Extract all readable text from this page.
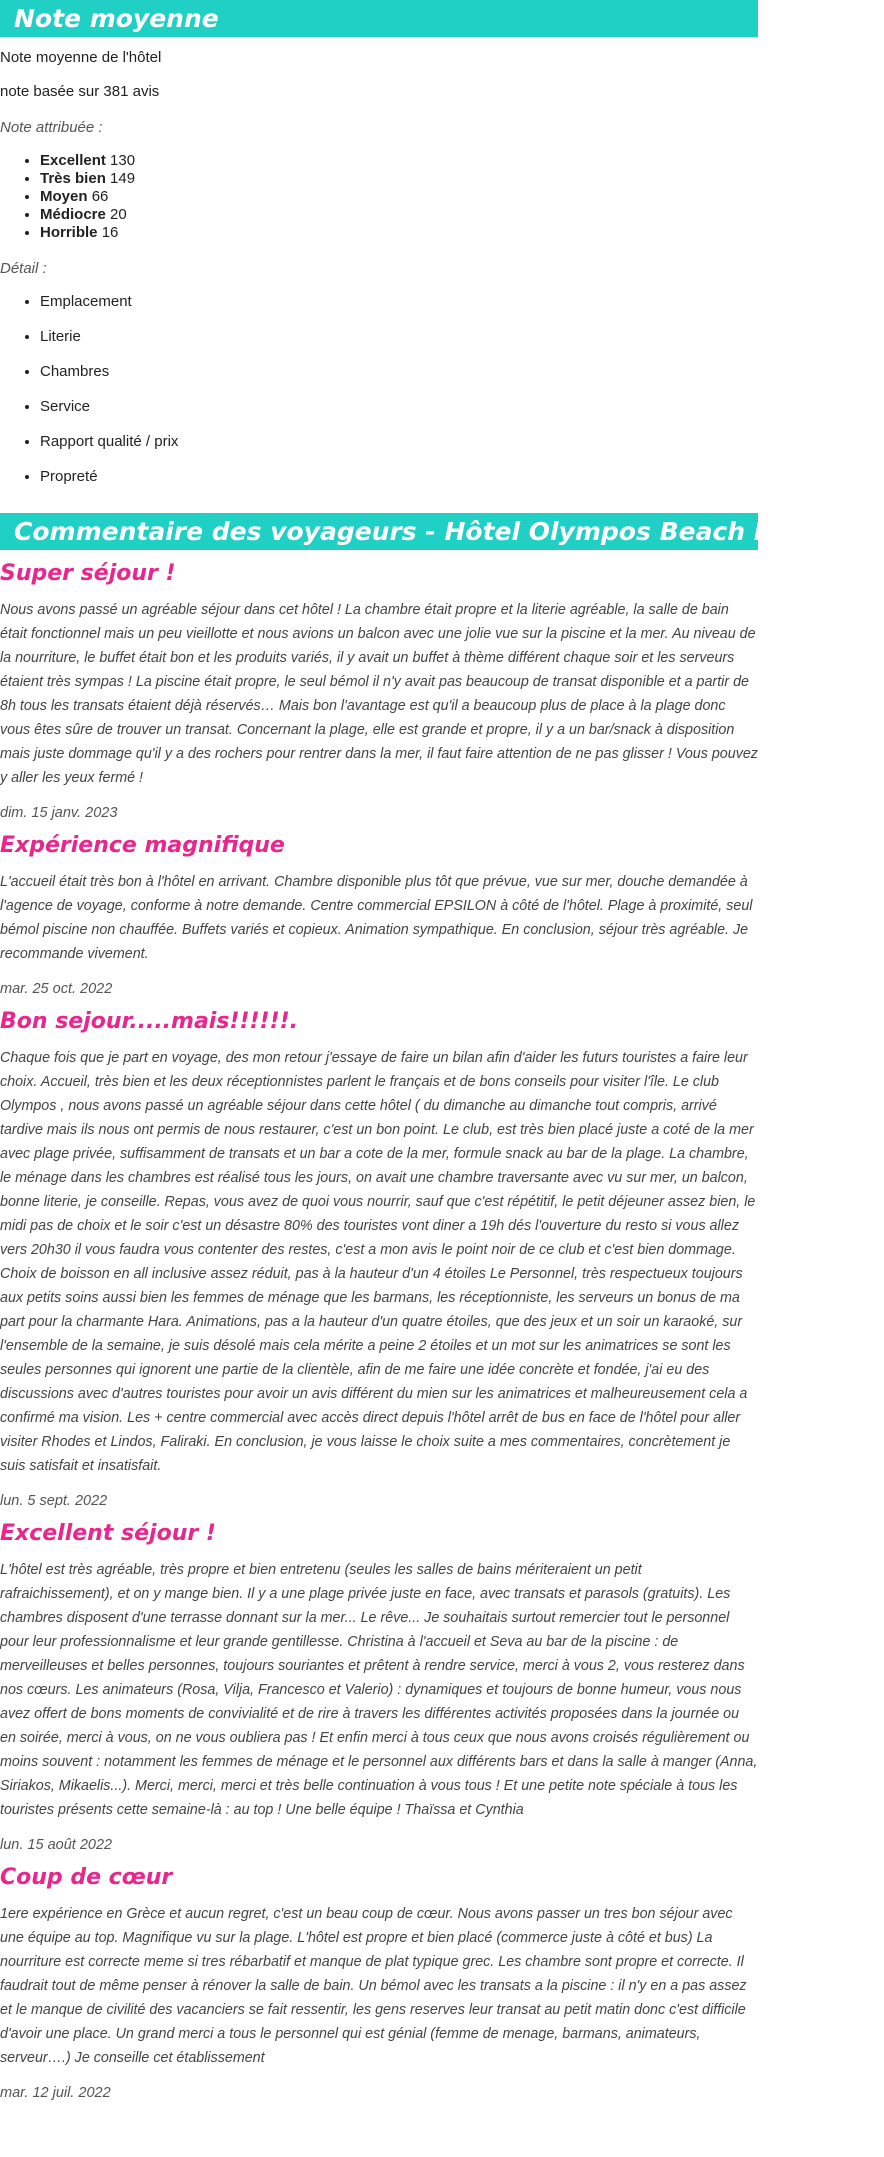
Note moyenne

Note moyenne de l'hôtel

note basée sur 381 avis

Note attribuée :

• Excellent 130
• Très bien 149
• Moyen 66
• Médiocre 20
• Horrible 16

Détail :

• Emplacement
• Literie
• Chambres
• Service
• Rapport qualité / prix
• Propreté
Commentaire des voyageurs - Hôtel Olympos Beach Resort 4*

Super séjour !

Nous avons passé un agréable séjour dans cet hôtel ! La chambre était propre et la literie agréable, la salle de bain était fonctionnel mais un peu vieillotte et nous avions un balcon avec une jolie vue sur la piscine et la mer. Au niveau de la nourriture, le buffet était bon et les produits variés, il y avait un buffet à thème différent chaque soir et les serveurs étaient très sympas ! La piscine était propre, le seul bémol il n'y avait pas beaucoup de transat disponible et a partir de 8h tous les transats étaient déjà réservés… Mais bon l'avantage est qu'il a beaucoup plus de place à la plage donc vous êtes sûre de trouver un transat. Concernant la plage, elle est grande et propre, il y a un bar/snack à disposition mais juste dommage qu'il y a des rochers pour rentrer dans la mer, il faut faire attention de ne pas glisser ! Vous pouvez y aller les yeux fermé !

dim. 15 janv. 2023

Expérience magnifique

L'accueil était très bon à l'hôtel en arrivant. Chambre disponible plus tôt que prévue, vue sur mer, douche demandée à l'agence de voyage, conforme à notre demande. Centre commercial EPSILON à côté de l'hôtel. Plage à proximité, seul bémol piscine non chauffée. Buffets variés et copieux. Animation sympathique. En conclusion, séjour très agréable. Je recommande vivement.

mar. 25 oct. 2022

Bon sejour.....mais!!!!!!.

Chaque fois que je part en voyage, des mon retour j'essaye de faire un bilan afin d'aider les futurs touristes a faire leur choix. Accueil, très bien et les deux réceptionnistes parlent le français et de bons conseils pour visiter l'île. Le club Olympos , nous avons passé un agréable séjour dans cette hôtel ( du dimanche au dimanche tout compris, arrivé tardive mais ils nous ont permis de nous restaurer, c'est un bon point. Le club, est très bien placé juste a coté de la mer avec plage privée, suffisamment de transats et un bar a cote de la mer, formule snack au bar de la plage. La chambre, le ménage dans les chambres est réalisé tous les jours, on avait une chambre traversante avec vu sur mer, un balcon, bonne literie, je conseille. Repas, vous avez de quoi vous nourrir, sauf que c'est répétitif, le petit déjeuner assez bien, le midi pas de choix et le soir c'est un désastre 80% des touristes vont diner a 19h dés l'ouverture du resto si vous allez vers 20h30 il vous faudra vous contenter des restes, c'est a mon avis le point noir de ce club et c'est bien dommage. Choix de boisson en all inclusive assez réduit, pas à la hauteur d'un 4 étoiles Le Personnel, très respectueux toujours aux petits soins aussi bien les femmes de ménage que les barmans, les réceptionniste, les serveurs un bonus de ma part pour la charmante Hara. Animations, pas a la hauteur d'un quatre étoiles, que des jeux et un soir un karaoké, sur l'ensemble de la semaine, je suis désolé mais cela mérite a peine 2 étoiles et un mot sur les animatrices se sont les seules personnes qui ignorent une partie de la clientèle, afin de me faire une idée concrète et fondée, j'ai eu des discussions avec d'autres touristes pour avoir un avis différent du mien sur les animatrices et malheureusement cela a confirmé ma vision. Les + centre commercial avec accès direct depuis l'hôtel arrêt de bus en face de l'hôtel pour aller visiter Rhodes et Lindos, Faliraki. En conclusion, je vous laisse le choix suite a mes commentaires, concrètement je suis satisfait et insatisfait.

lun. 5 sept. 2022

Excellent séjour !

L'hôtel est très agréable, très propre et bien entretenu (seules les salles de bains mériteraient un petit rafraichissement), et on y mange bien. Il y a une plage privée juste en face, avec transats et parasols (gratuits). Les chambres disposent d'une terrasse donnant sur la mer... Le rêve... Je souhaitais surtout remercier tout le personnel pour leur professionnalisme et leur grande gentillesse. Christina à l'accueil et Seva au bar de la piscine : de merveilleuses et belles personnes, toujours souriantes et prêtent à rendre service, merci à vous 2, vous resterez dans nos cœurs. Les animateurs (Rosa, Vilja, Francesco et Valerio) : dynamiques et toujours de bonne humeur, vous nous avez offert de bons moments de convivialité et de rire à travers les différentes activités proposées dans la journée ou en soirée, merci à vous, on ne vous oubliera pas ! Et enfin merci à tous ceux que nous avons croisés régulièrement ou moins souvent : notamment les femmes de ménage et le personnel aux différents bars et dans la salle à manger (Anna, Siriakos, Mikaelis...). Merci, merci, merci et très belle continuation à vous tous ! Et une petite note spéciale à tous les touristes présents cette semaine-là : au top ! Une belle équipe ! Thaïssa et Cynthia

lun. 15 août 2022

Coup de cœur

1ere expérience en Grèce et aucun regret, c'est un beau coup de cœur. Nous avons passer un tres bon séjour avec une équipe au top. Magnifique vu sur la plage. L'hôtel est propre et bien placé (commerce juste à côté et bus) La nourriture est correcte meme si tres rébarbatif et manque de plat typique grec. Les chambre sont propre et correcte. Il faudrait tout de même penser à rénover la salle de bain. Un bémol avec les transats a la piscine : il n'y en a pas assez et le manque de civilité des vacanciers se fait ressentir, les gens reserves leur transat au petit matin donc c'est difficile d'avoir une place. Un grand merci a tous le personnel qui est génial (femme de menage, barmans, animateurs, serveur….) Je conseille cet établissement

mar. 12 juil. 2022
